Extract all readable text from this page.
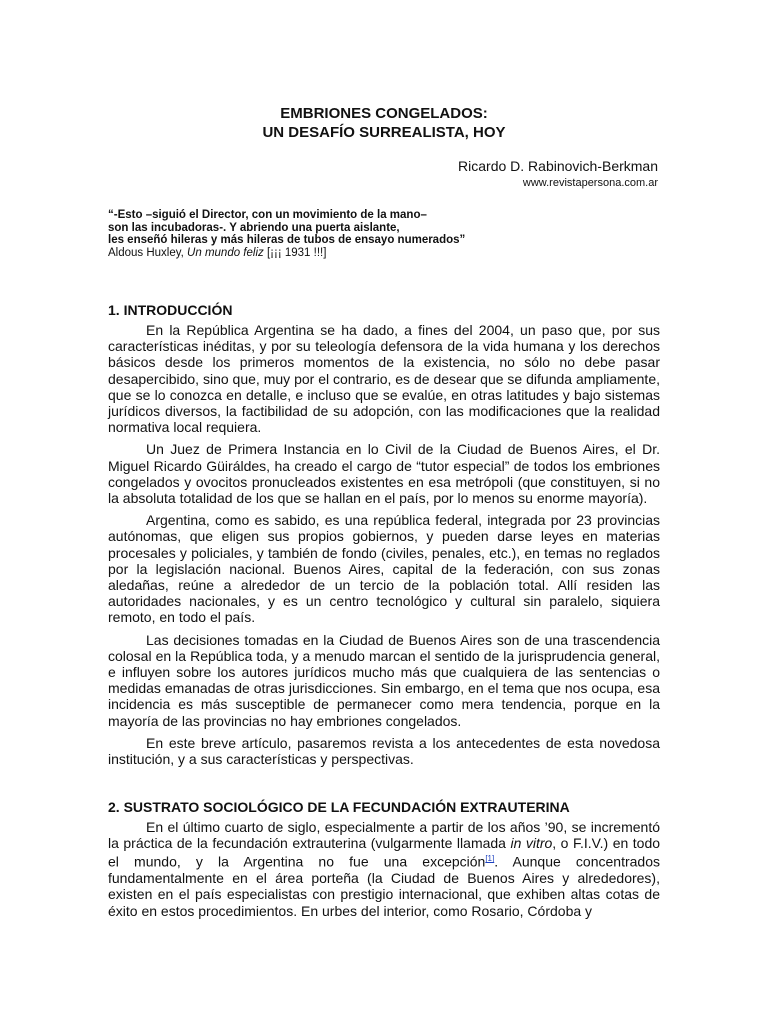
EMBRIONES CONGELADOS:
UN DESAFÍO SURREALISTA, HOY
Ricardo D. Rabinovich-Berkman
www.revistapersona.com.ar
“-Esto –siguió el Director, con un movimiento de la mano–
son las incubadoras-. Y abriendo una puerta aislante,
les enseñó hileras y más hileras de tubos de ensayo numerados”
Aldous Huxley, Un mundo feliz [¡¡¡ 1931 !!!]
1. INTRODUCCIÓN

En la República Argentina se ha dado, a fines del 2004, un paso que, por sus características inéditas, y por su teleología defensora de la vida humana y los derechos básicos desde los primeros momentos de la existencia, no sólo no debe pasar desapercibido, sino que, muy por el contrario, es de desear que se difunda ampliamente, que se lo conozca en detalle, e incluso que se evalúe, en otras latitudes y bajo sistemas jurídicos diversos, la factibilidad de su adopción, con las modificaciones que la realidad normativa local requiera.

Un Juez de Primera Instancia en lo Civil de la Ciudad de Buenos Aires, el Dr. Miguel Ricardo Güiráldes, ha creado el cargo de “tutor especial” de todos los embriones congelados y ovocitos pronucleados existentes en esa metrópoli (que constituyen, si no la absoluta totalidad de los que se hallan en el país, por lo menos su enorme mayoría).

Argentina, como es sabido, es una república federal, integrada por 23 provincias autónomas, que eligen sus propios gobiernos, y pueden darse leyes en materias procesales y policiales, y también de fondo (civiles, penales, etc.), en temas no reglados por la legislación nacional. Buenos Aires, capital de la federación, con sus zonas aledañas, reúne a alrededor de un tercio de la población total. Allí residen las autoridades nacionales, y es un centro tecnológico y cultural sin paralelo, siquiera remoto, en todo el país.

Las decisiones tomadas en la Ciudad de Buenos Aires son de una trascendencia colosal en la República toda, y a menudo marcan el sentido de la jurisprudencia general, e influyen sobre los autores jurídicos mucho más que cualquiera de las sentencias o medidas emanadas de otras jurisdicciones. Sin embargo, en el tema que nos ocupa, esa incidencia es más susceptible de permanecer como mera tendencia, porque en la mayoría de las provincias no hay embriones congelados.

En este breve artículo, pasaremos revista a los antecedentes de esta novedosa institución, y a sus características y perspectivas.

2. SUSTRATO SOCIOLÓGICO DE LA FECUNDACIÓN EXTRAUTERINA

En el último cuarto de siglo, especialmente a partir de los años ’90, se incrementó la práctica de la fecundación extrauterina (vulgarmente llamada in vitro, o F.I.V.) en todo el mundo, y la Argentina no fue una excepción[1]. Aunque concentrados fundamentalmente en el área porteña (la Ciudad de Buenos Aires y alrededores), existen en el país especialistas con prestigio internacional, que exhiben altas cotas de éxito en estos procedimientos. En urbes del interior, como Rosario, Córdoba y
